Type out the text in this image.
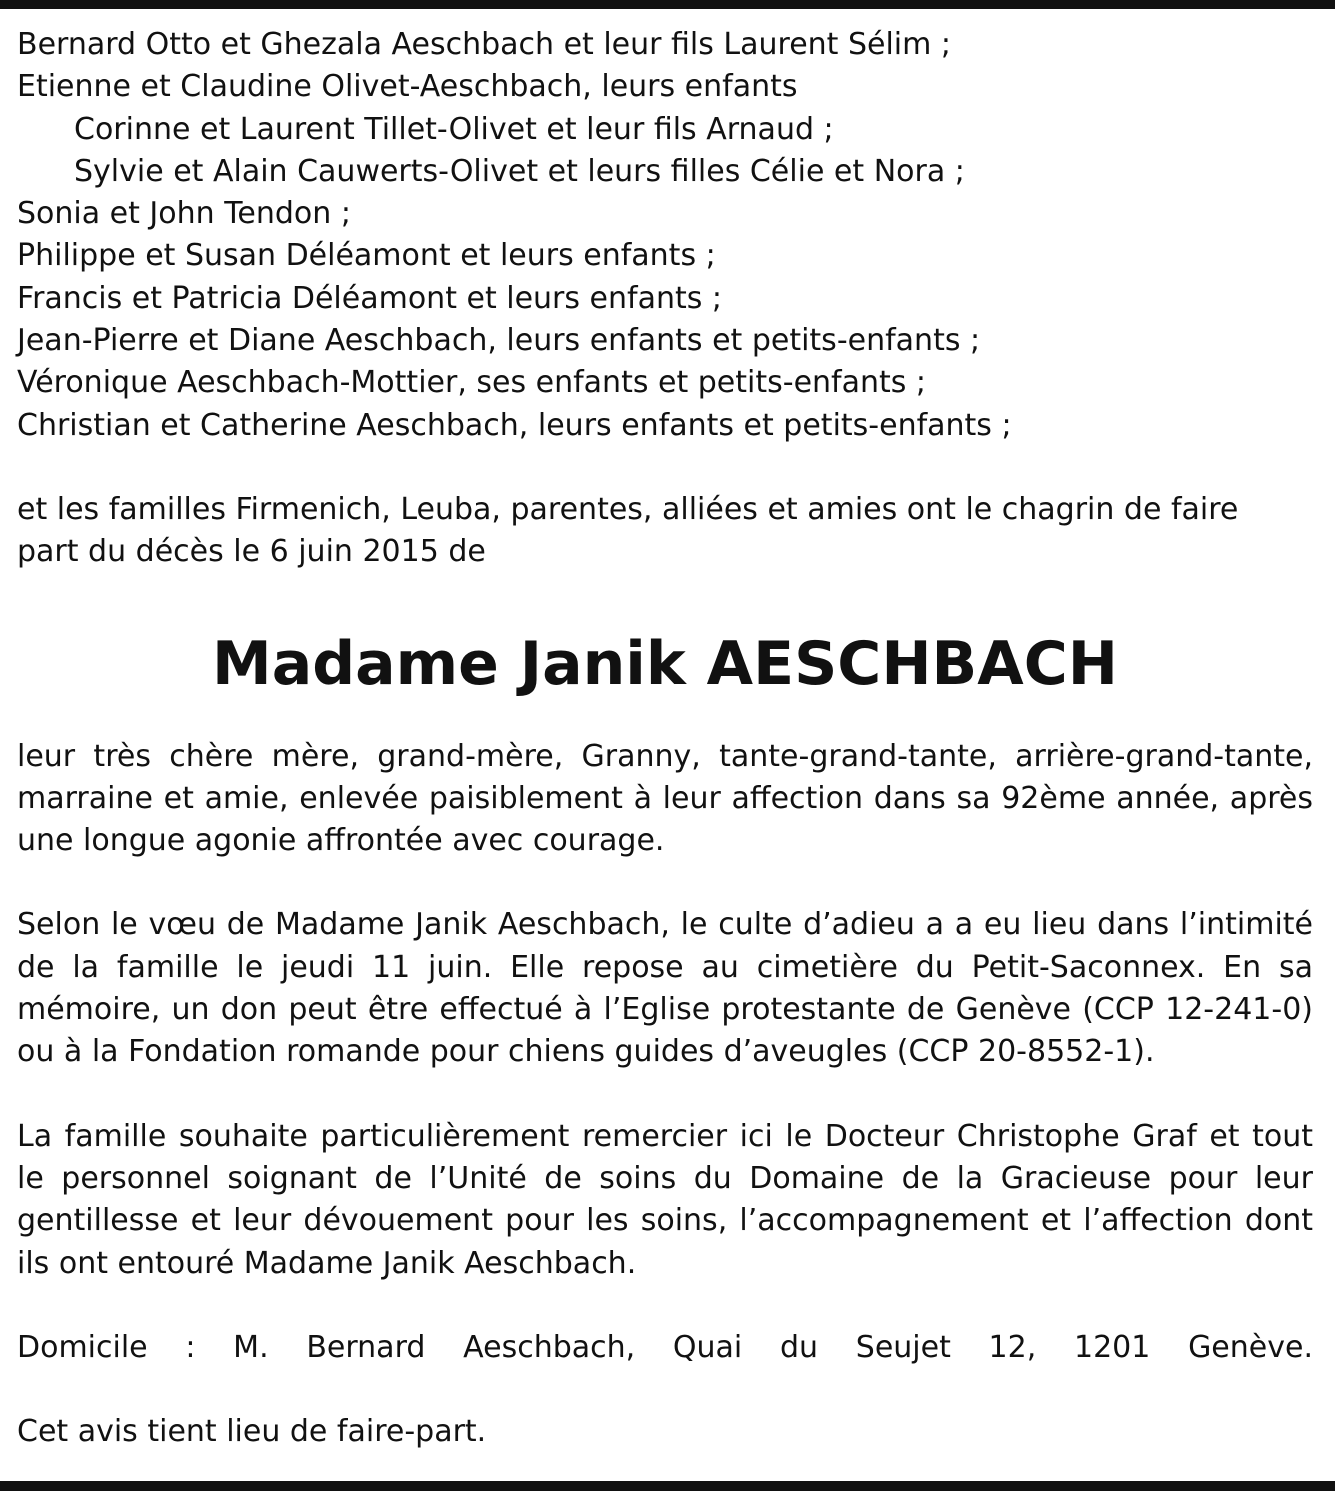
Bernard Otto et Ghezala Aeschbach et leur fils Laurent Sélim ;

Etienne et Claudine Olivet-Aeschbach, leurs enfants

Corinne et Laurent Tillet-Olivet et leur fils Arnaud ;

Sylvie et Alain Cauwerts-Olivet et leurs filles Célie et Nora ;

Sonia et John Tendon ;

Philippe et Susan Déléamont et leurs enfants ;

Francis et Patricia Déléamont et leurs enfants ;

Jean-Pierre et Diane Aeschbach, leurs enfants et petits-enfants ;

Véronique Aeschbach-Mottier, ses enfants et petits-enfants ;

Christian et Catherine Aeschbach, leurs enfants et petits-enfants ;

et les familles Firmenich, Leuba, parentes, alliées et amies ont le chagrin de faire part du décès le 6 juin 2015 de

Madame Janik AESCHBACH

leur très chère mère, grand-mère, Granny, tante-grand-tante, arrière-grand-tante, marraine et amie, enlevée paisiblement à leur affection dans sa 92ème année, après une longue agonie affrontée avec courage.

Selon le vœu de Madame Janik Aeschbach, le culte d’adieu a a eu lieu dans l’intimité de la famille le jeudi 11 juin. Elle repose au cimetière du Petit-Saconnex. En sa mémoire, un don peut être effectué à l’Eglise protestante de Genève (CCP 12-241-0) ou à la Fondation romande pour chiens guides d’aveugles (CCP 20-8552-1).

La famille souhaite particulièrement remercier ici le Docteur Christophe Graf et tout le personnel soignant de l’Unité de soins du Domaine de la Gracieuse pour leur gentillesse et leur dévouement pour les soins, l’accompagnement et l’affection dont ils ont entouré Madame Janik Aeschbach.

Domicile : M. Bernard Aeschbach, Quai du Seujet 12, 1201 Genève.

Cet avis tient lieu de faire-part.
